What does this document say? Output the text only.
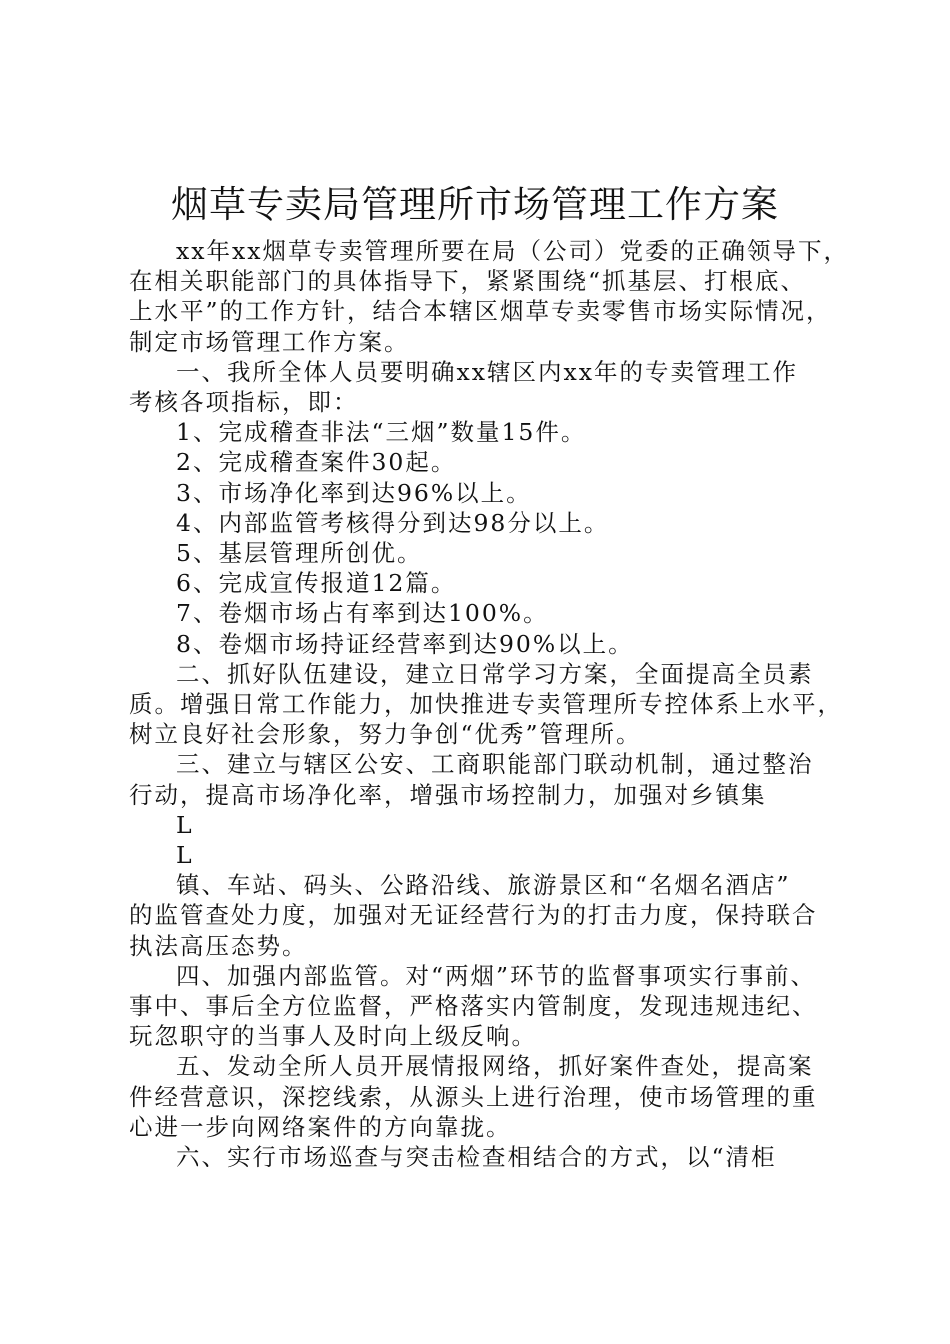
烟草专卖局管理所市场管理工作方案

xx年xx烟草专卖管理所要在局（公司）党委的正确领导下，
在相关职能部门的具体指导下，紧紧围绕“抓基层、打根底、
上水平”的工作方针，结合本辖区烟草专卖零售市场实际情况，
制定市场管理工作方案。

一、我所全体人员要明确xx辖区内xx年的专卖管理工作
考核各项指标，即：

1、完成稽查非法“三烟”数量15件。

2、完成稽查案件30起。

3、市场净化率到达96%以上。

4、内部监管考核得分到达98分以上。

5、基层管理所创优。

6、完成宣传报道12篇。

7、卷烟市场占有率到达100%。

8、卷烟市场持证经营率到达90%以上。

二、抓好队伍建设，建立日常学习方案，全面提高全员素
质。增强日常工作能力，加快推进专卖管理所专控体系上水平，
树立良好社会形象，努力争创“优秀”管理所。

三、建立与辖区公安、工商职能部门联动机制，通过整治
行动，提高市场净化率，增强市场控制力，加强对乡镇集

L

L

镇、车站、码头、公路沿线、旅游景区和“名烟名酒店”
的监管查处力度，加强对无证经营行为的打击力度，保持联合
执法高压态势。

四、加强内部监管。对“两烟”环节的监督事项实行事前、
事中、事后全方位监督，严格落实内管制度，发现违规违纪、
玩忽职守的当事人及时向上级反响。

五、发动全所人员开展情报网络，抓好案件查处，提高案
件经营意识，深挖线索，从源头上进行治理，使市场管理的重
心进一步向网络案件的方向靠拢。

六、实行市场巡查与突击检查相结合的方式，以“清柜
